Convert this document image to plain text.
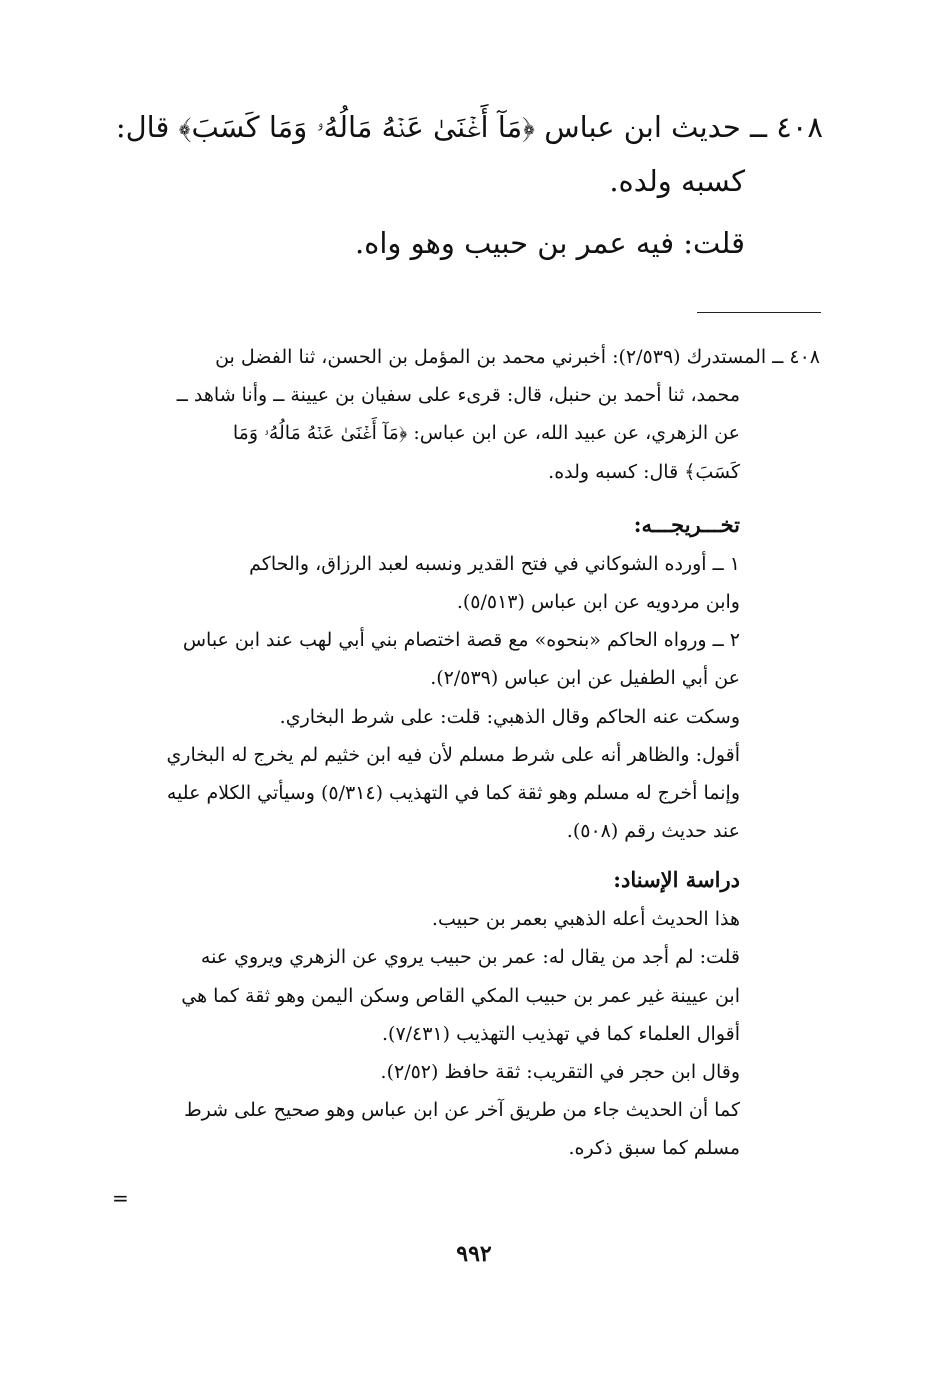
٤٠٨ ــ حديث ابن عباس ﴿مَآ أَغۡنَىٰ عَنۡهُ مَالُهُۥ وَمَا كَسَبَ﴾ قال:
كسبه ولده.
قلت: فيه عمر بن حبيب وهو واه.
٤٠٨ ــ المستدرك (٢/٥٣٩): أخبرني محمد بن المؤمل بن الحسن، ثنا الفضل بن
محمد، ثنا أحمد بن حنبل، قال: قرىء على سفيان بن عيينة ــ وأنا شاهد ــ
عن الزهري، عن عبيد الله، عن ابن عباس: ﴿مَآ أَغۡنَىٰ عَنۡهُ مَالُهُۥ وَمَا
كَسَبَ﴾ قال: كسبه ولده.
تخـــريجـــه:
١ ــ أورده الشوكاني في فتح القدير ونسبه لعبد الرزاق، والحاكم
وابن مردويه عن ابن عباس (٥/٥١٣).
٢ ــ ورواه الحاكم «بنحوه» مع قصة اختصام بني أبي لهب عند ابن عباس
عن أبي الطفيل عن ابن عباس (٢/٥٣٩).
وسكت عنه الحاكم وقال الذهبي: قلت: على شرط البخاري.
أقول: والظاهر أنه على شرط مسلم لأن فيه ابن خثيم لم يخرج له البخاري
وإنما أخرج له مسلم وهو ثقة كما في التهذيب (٥/٣١٤) وسيأتي الكلام عليه
عند حديث رقم (٥٠٨).
دراسة الإسناد:
هذا الحديث أعله الذهبي بعمر بن حبيب.
قلت: لم أجد من يقال له: عمر بن حبيب يروي عن الزهري ويروي عنه
ابن عيينة غير عمر بن حبيب المكي القاص وسكن اليمن وهو ثقة كما هي
أقوال العلماء كما في تهذيب التهذيب (٧/٤٣١).
وقال ابن حجر في التقريب: ثقة حافظ (٢/٥٢).
كما أن الحديث جاء من طريق آخر عن ابن عباس وهو صحيح على شرط
مسلم كما سبق ذكره.
=
٩٩٢
